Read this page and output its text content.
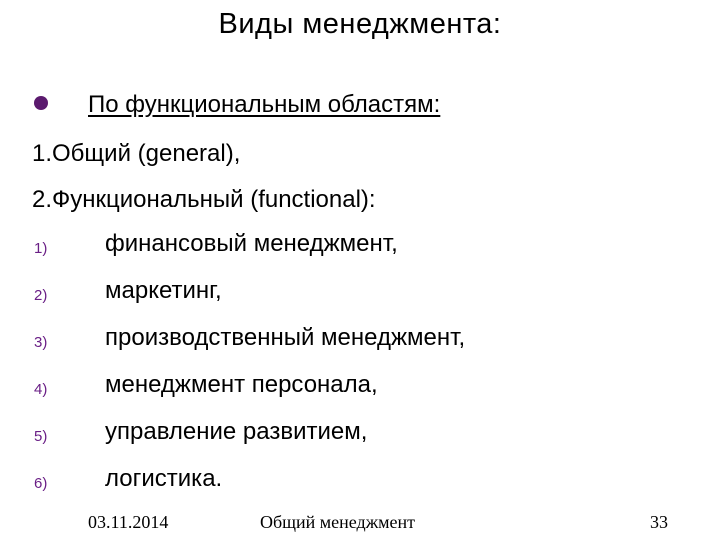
Виды менеджмента:
По функциональным областям:
1.Общий (general),
2.Функциональный (functional):
1) финансовый менеджмент,
2) маркетинг,
3) производственный менеджмент,
4) менеджмент персонала,
5) управление развитием,
6) логистика.
03.11.2014	Общий менеджмент	33
